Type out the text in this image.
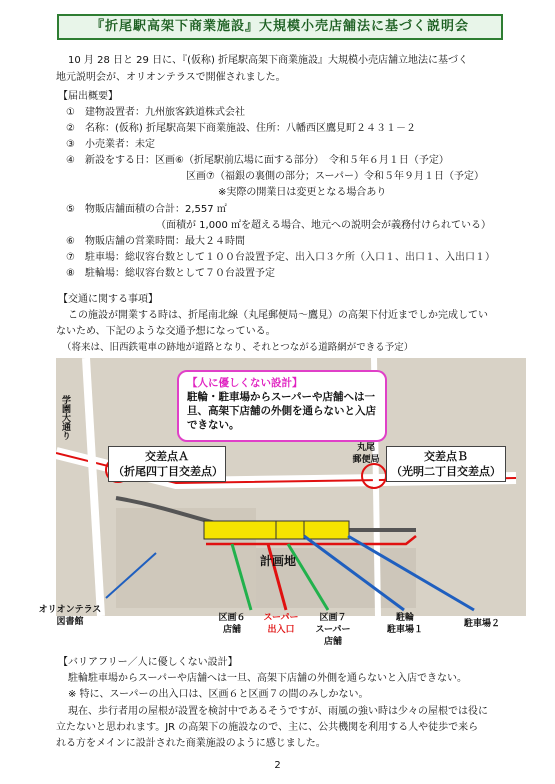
『折尾駅高架下商業施設』大規模小売店舗法に基づく説明会
10 月 28 日と 29 日に、『(仮称) 折尾駅高架下商業施設』大規模小売店舗立地法に基づく
地元説明会が、オリオンテラスで開催されました。
【届出概要】
①　建物設置者：九州旅客鉄道株式会社
②　名称：(仮称) 折尾駅高架下商業施設、住所：八幡西区鷹見町２４３１－２
③　小売業者：未定
④　新設をする日：区画⑥（折尾駅前広場に面する部分）　令和５年６月１日（予定）
区画⑦（福銀の裏側の部分；スーパー）令和５年９月１日（予定）
※実際の開業日は変更となる場合あり
⑤　物販店舗面積の合計：2,557 ㎡
（面積が 1,000 ㎡を超える場合、地元への説明会が義務付けられている）
⑥　物販店舗の営業時間：最大２４時間
⑦　駐車場：総収容台数として１００台設置予定、出入口３ケ所（入口１、出口１、入出口１）
⑧　駐輪場：総収容台数として７０台設置予定
【交通に関する事項】
この施設が開業する時は、折尾南北線（丸尾郵便局～鷹見）の高架下付近までしか完成してい
ないため、下記のような交通予想になっている。
（将来は、旧西鉄電車の跡地が道路となり、それとつながる道路網ができる予定）
【人に優しくない設計】
駐輪・駐車場からスーパーや店舗へは一旦、高架下店舗の外側を通らないと入店できない。
交差点Ａ
（折尾四丁目交差点）
交差点Ｂ
（光明二丁目交差点）
学園大通り
丸尾
郵便局
計画地
オリオンテラス
図書館	区画６
店舗
スーパー
出入口
区画７
スーパー
店舗
駐輪
駐車場１
駐車場２
【バリアフリー／人に優しくない設計】
駐輪駐車場からスーパーや店舗へは一旦、高架下店舗の外側を通らないと入店できない。
※ 特に、スーパーの出入口は、区画６と区画７の間のみしかない。
現在、歩行者用の屋根が設置を検討中であるそうですが、雨風の強い時は少々の屋根では役に
立たないと思われます。JR の高架下の施設なので、主に、公共機関を利用する人や徒歩で来ら
れる方をメインに設計された商業施設のように感じました。
2
